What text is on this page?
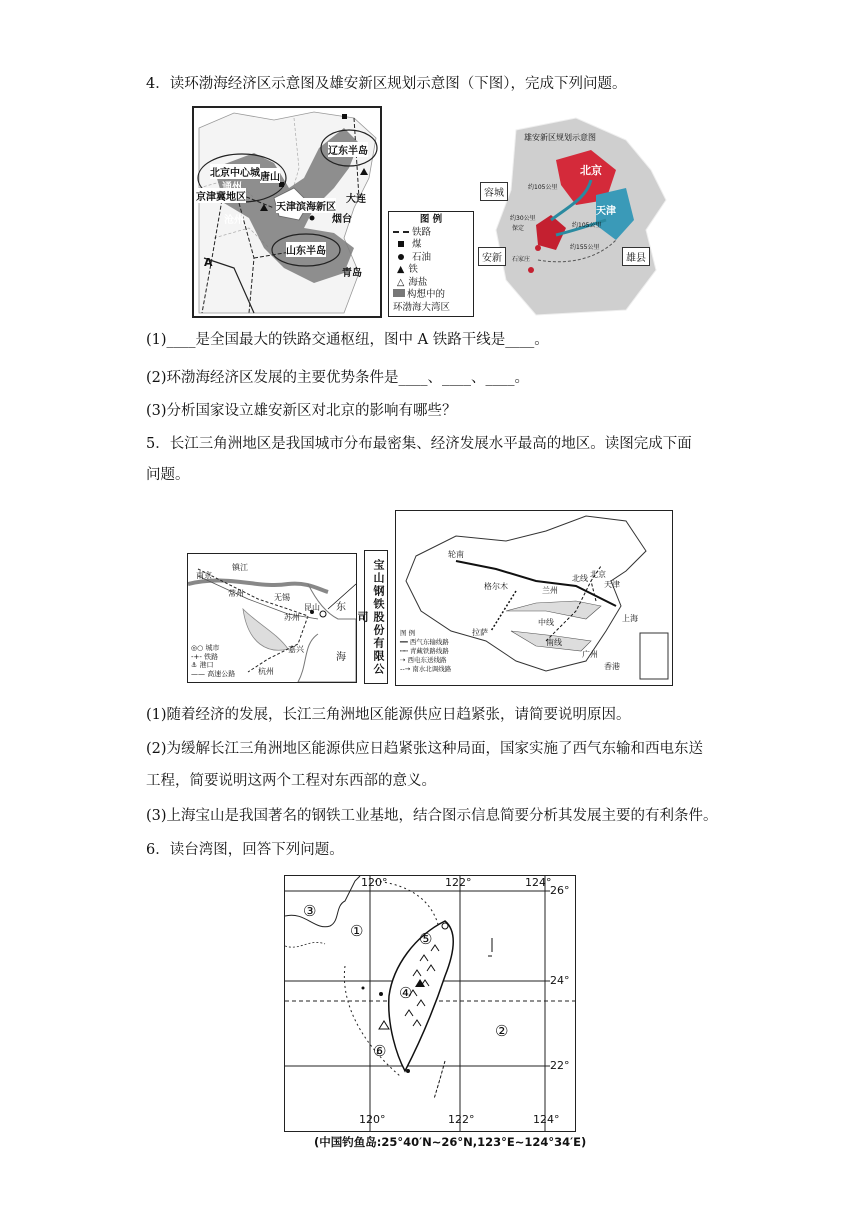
4．读环渤海经济区示意图及雄安新区规划示意图（下图），完成下列问题。
北京中心城
京津冀地区
通州
唐山
沧州
天津滨海新区
辽东半岛
大连
烟台
山东半岛
青岛
A
图 例
铁路
煤
石油
▲ 铁
△ 海盐
构想中的
环渤海大湾区
雄安新区规划示意图
北京
天津
容城
安新	雄县
约105公里
约105公里
约30公里
约155公里
保定
石家庄
(1)____是全国最大的铁路交通枢纽，图中 A 铁路干线是____。
(2)环渤海经济区发展的主要优势条件是____、____、____。
(3)分析国家设立雄安新区对北京的影响有哪些？
5．长江三角洲地区是我国城市分布最密集、经济发展水平最高的地区。读图完成下面
问题。
南京
镇江
常州	无锡
苏州
昆山
嘉兴
杭州
东
海
◎○ 城市
-+- 铁路
⚓ 港口
—— 高速公路	宝山钢铁股份有限公司
轮南
格尔木	兰州
拉萨
北京
天津
上海
广州
香港
北线
中线
南线
图 例
━━ 西气东输线路
┅┅ 青藏铁路线路
⇢ 西电东送线路
--→ 南水北调线路
(1)随着经济的发展，长江三角洲地区能源供应日趋紧张，请简要说明原因。
(2)为缓解长江三角洲地区能源供应日趋紧张这种局面，国家实施了西气东输和西电东送
工程，简要说明这两个工程对东西部的意义。
(3)上海宝山是我国著名的钢铁工业基地，结合图示信息简要分析其发展主要的有利条件。
6．读台湾图，回答下列问题。
120°	122°	124°
26°
24°
22°
120°	122°	124°
①
②
③
④
⑤
⑥
(中国钓鱼岛:25°40′N~26°N,123°E~124°34′E)
